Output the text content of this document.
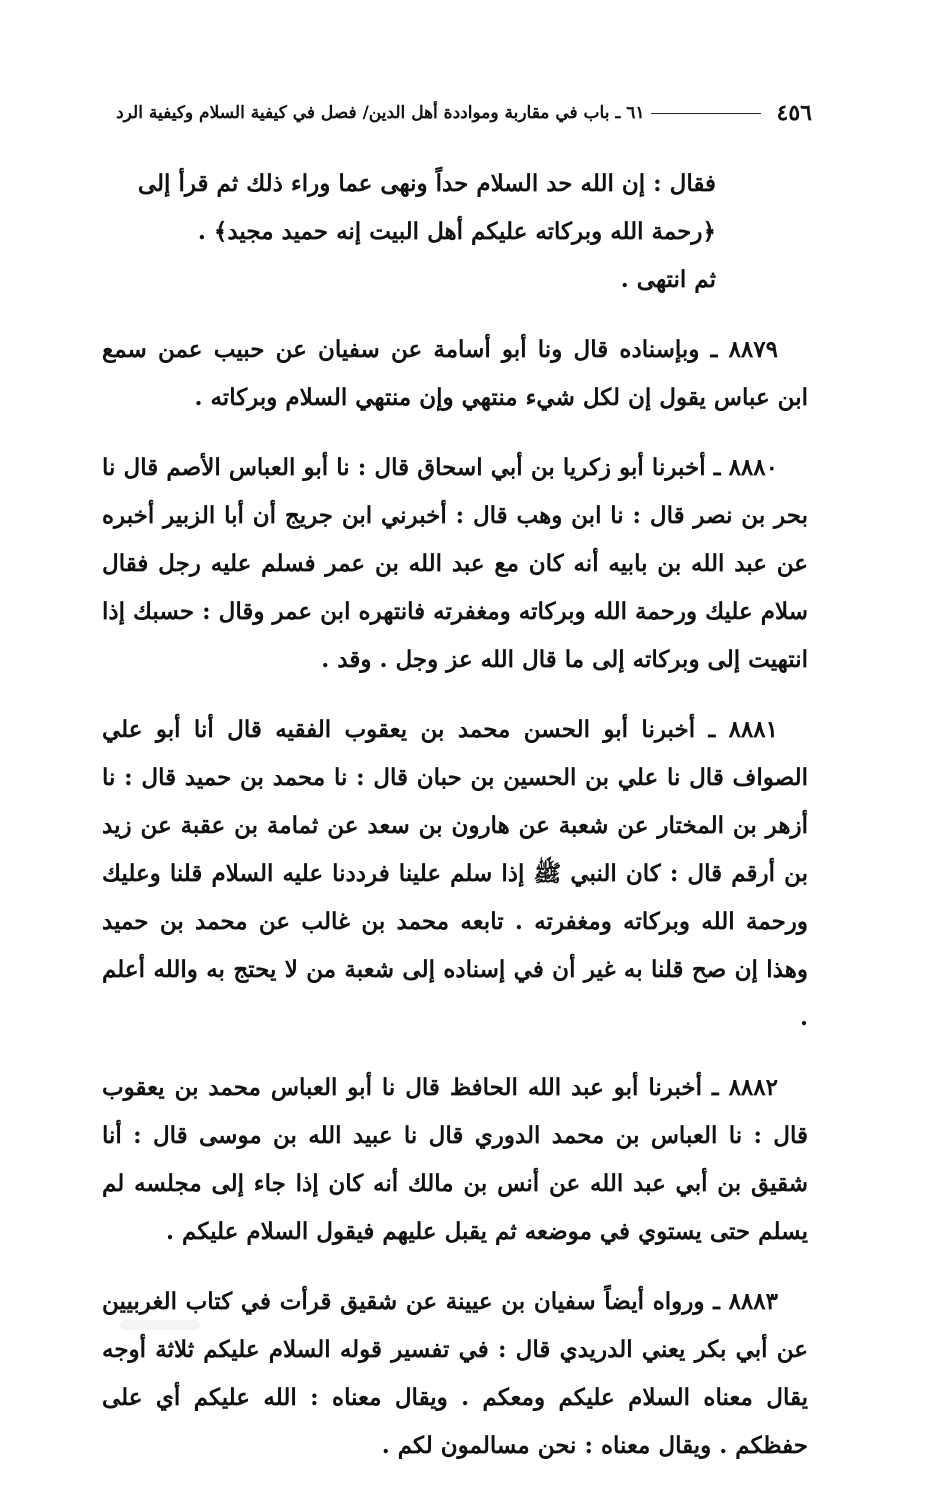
٤٥٦
٦١ ـ باب في مقاربة ومواددة أهل الدين/ فصل في كيفية السلام وكيفية الرد

فقال : إن الله حد السلام حداً ونهى عما وراء ذلك ثم قرأ إلى
﴿رحمة الله وبركاته عليكم أهل البيت إنه حميد مجيد﴾ .
ثم انتهى .

٨٨٧٩ ـ وبإسناده قال ونا أبو أسامة عن سفيان عن حبيب عمن سمع ابن عباس يقول إن لكل شيء منتهي وإن منتهي السلام وبركاته .

٨٨٨٠ ـ أخبرنا أبو زكريا بن أبي اسحاق قال : نا أبو العباس الأصم قال نا بحر بن نصر قال : نا ابن وهب قال : أخبرني ابن جريج أن أبا الزبير أخبره عن عبد الله بن بابيه أنه كان مع عبد الله بن عمر فسلم عليه رجل فقال سلام عليك ورحمة الله وبركاته ومغفرته فانتهره ابن عمر وقال : حسبك إذا انتهيت إلى وبركاته إلى ما قال الله عز وجل . وقد .

٨٨٨١ ـ أخبرنا أبو الحسن محمد بن يعقوب الفقيه قال أنا أبو علي الصواف قال نا علي بن الحسين بن حبان قال : نا محمد بن حميد قال : نا أزهر بن المختار عن شعبة عن هارون بن سعد عن ثمامة بن عقبة عن زيد بن أرقم قال : كان النبي ﷺ إذا سلم علينا فرددنا عليه السلام قلنا وعليك ورحمة الله وبركاته ومغفرته . تابعه محمد بن غالب عن محمد بن حميد وهذا إن صح قلنا به غير أن في إسناده إلى شعبة من لا يحتج به والله أعلم .

٨٨٨٢ ـ أخبرنا أبو عبد الله الحافظ قال نا أبو العباس محمد بن يعقوب قال : نا العباس بن محمد الدوري قال نا عبيد الله بن موسى قال : أنا شقيق بن أبي عبد الله عن أنس بن مالك أنه كان إذا جاء إلى مجلسه لم يسلم حتى يستوي في موضعه ثم يقبل عليهم فيقول السلام عليكم .

٨٨٨٣ ـ ورواه أيضاً سفيان بن عيينة عن شقيق قرأت في كتاب الغربيين عن أبي بكر يعني الدريدي قال : في تفسير قوله السلام عليكم ثلاثة أوجه يقال معناه السلام عليكم ومعكم . ويقال معناه : الله عليكم أي على حفظكم . ويقال معناه : نحن مسالمون لكم .
